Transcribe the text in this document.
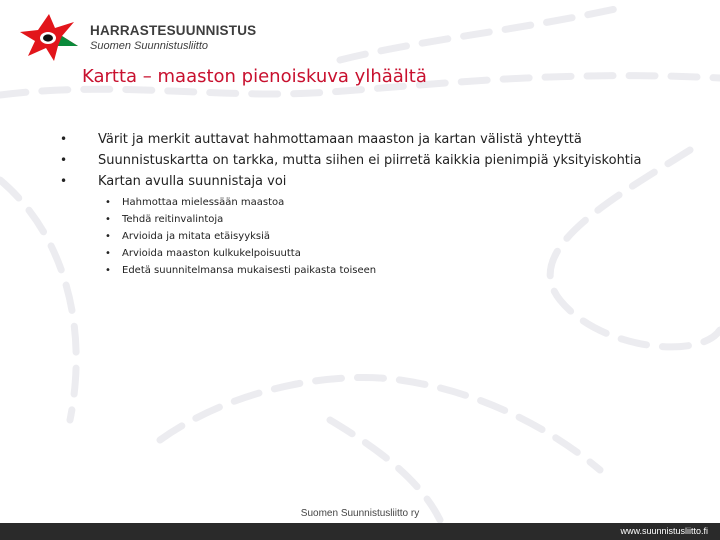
HARRASTESUUNNISTUS
Suomen Suunnistusliitto
Kartta – maaston pienoiskuva ylhäältä
• Värit ja merkit auttavat hahmottamaan maaston ja kartan välistä yhteyttä
• Suunnistuskartta on tarkka, mutta siihen ei piirretä kaikkia pienimpiä yksityiskohtia
• Kartan avulla suunnistaja voi
• Hahmottaa mielessään maastoa
• Tehdä reitinvalintoja
• Arvioida ja mitata etäisyyksiä
• Arvioida maaston kulkukelpoisuutta
• Edetä suunnitelmansa mukaisesti paikasta toiseen
Suomen Suunnistusliitto ry
www.suunnistusliitto.fi
